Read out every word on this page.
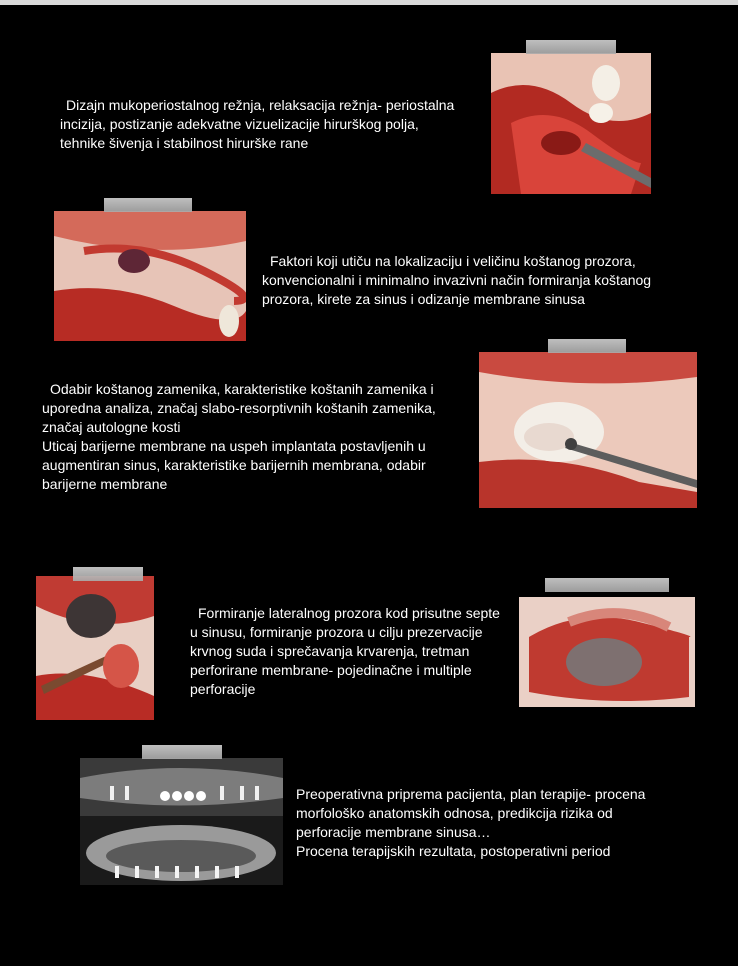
Dizajn mukoperiostalnog režnja, relaksacija režnja- periostalna
incizija, postizanje adekvatne vizuelizacije hirurškog polja,
tehnike šivenja i stabilnost hirurške rane
Faktori koji utiču na lokalizaciju i veličinu koštanog prozora,
konvencionalni i minimalno invazivni način formiranja koštanog
prozora, kirete za sinus i odizanje membrane sinusa
Odabir koštanog zamenika, karakteristike koštanih zamenika i
uporedna analiza, značaj slabo-resorptivnih koštanih zamenika,
značaj autologne kosti
Uticaj barijerne membrane na uspeh implantata postavljenih u
augmentiran sinus, karakteristike barijernih membrana, odabir
barijerne membrane
Formiranje lateralnog prozora kod prisutne septe
u sinusu, formiranje prozora u cilju prezervacije
krvnog suda i sprečavanja krvarenja, tretman
perforirane membrane- pojedinačne i multiple
perforacije
Preoperativna priprema pacijenta, plan terapije- procena
morfološko anatomskih odnosa, predikcija rizika od
perforacije membrane sinusa…
Procena terapijskih rezultata, postoperativni period
